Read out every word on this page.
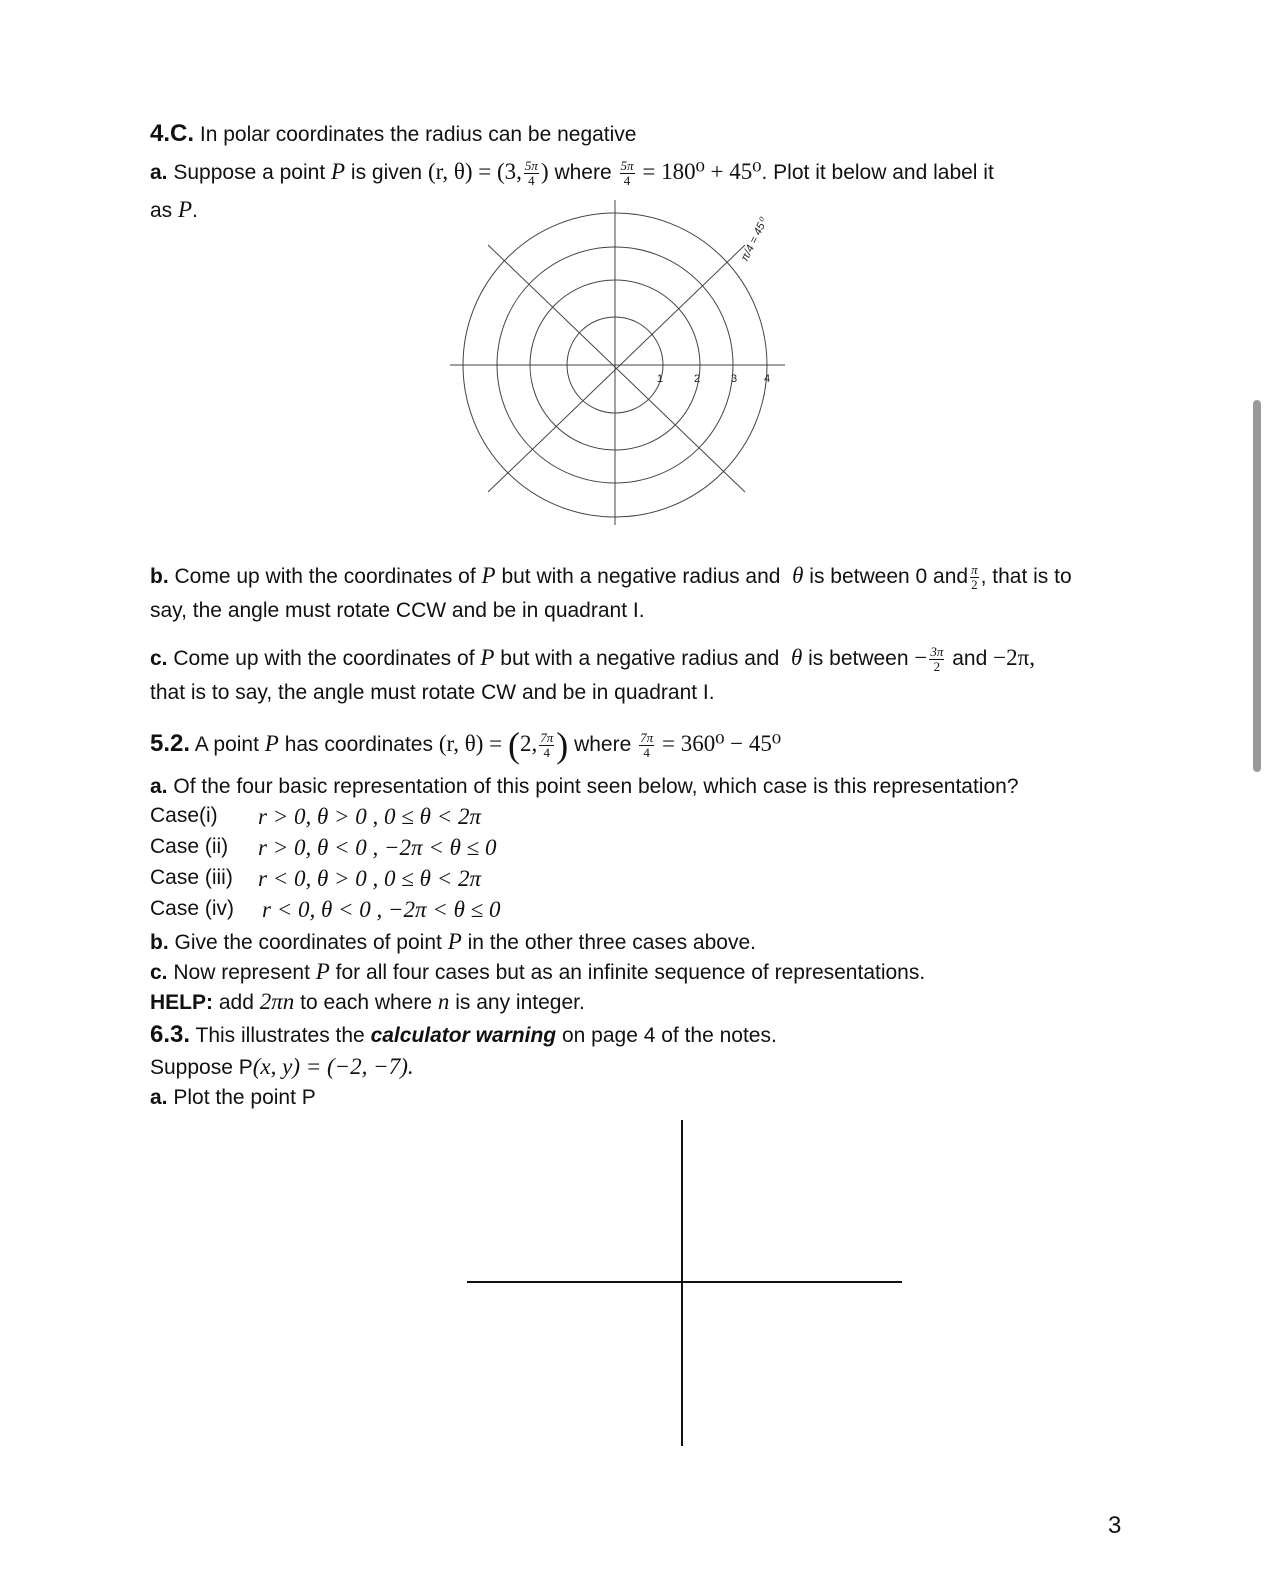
4.C. In polar coordinates the radius can be negative
a. Suppose a point P is given (r, θ) = (3, $\frac{5\pi}{4}$ ) where $\frac{5\pi}{4} = 180^0 + 45^0$. Plot it below and label it
as P.
1	2	3 4
π/4 = 45⁰
b. Come up with the coordinates of P but with a negative radius and θ is between 0 and $\frac{\pi}{2}$ , that is to
say, the angle must rotate CCW and be in quadrant I.
c. Come up with the coordinates of P but with a negative radius and θ is between − $\frac{3\pi}{2}$ and −2π,
that is to say, the angle must rotate CW and be in quadrant I.
5.2. A point P has coordinates (r, θ) = (2, $\frac{7\pi}{4}$ ) where $\frac{7\pi}{4} = 360^0 - 45^0$
a. Of the four basic representation of this point seen below, which case is this representation?
Case(i) r > 0, θ > 0 , 0 ≤ θ < 2π
Case (ii) r > 0, θ < 0 , −2π < θ ≤ 0
Case (iii) r < 0, θ > 0 , 0 ≤ θ < 2π
Case (iv) r < 0, θ < 0 , −2π < θ ≤ 0
b. Give the coordinates of point P in the other three cases above.
c. Now represent P for all four cases but as an infinite sequence of representations.
HELP: add 2πn to each where n is any integer.
6.3. This illustrates the calculator warning on page 4 of the notes.
Suppose P(x, y) = (−2, −7).
a. Plot the point P
3
